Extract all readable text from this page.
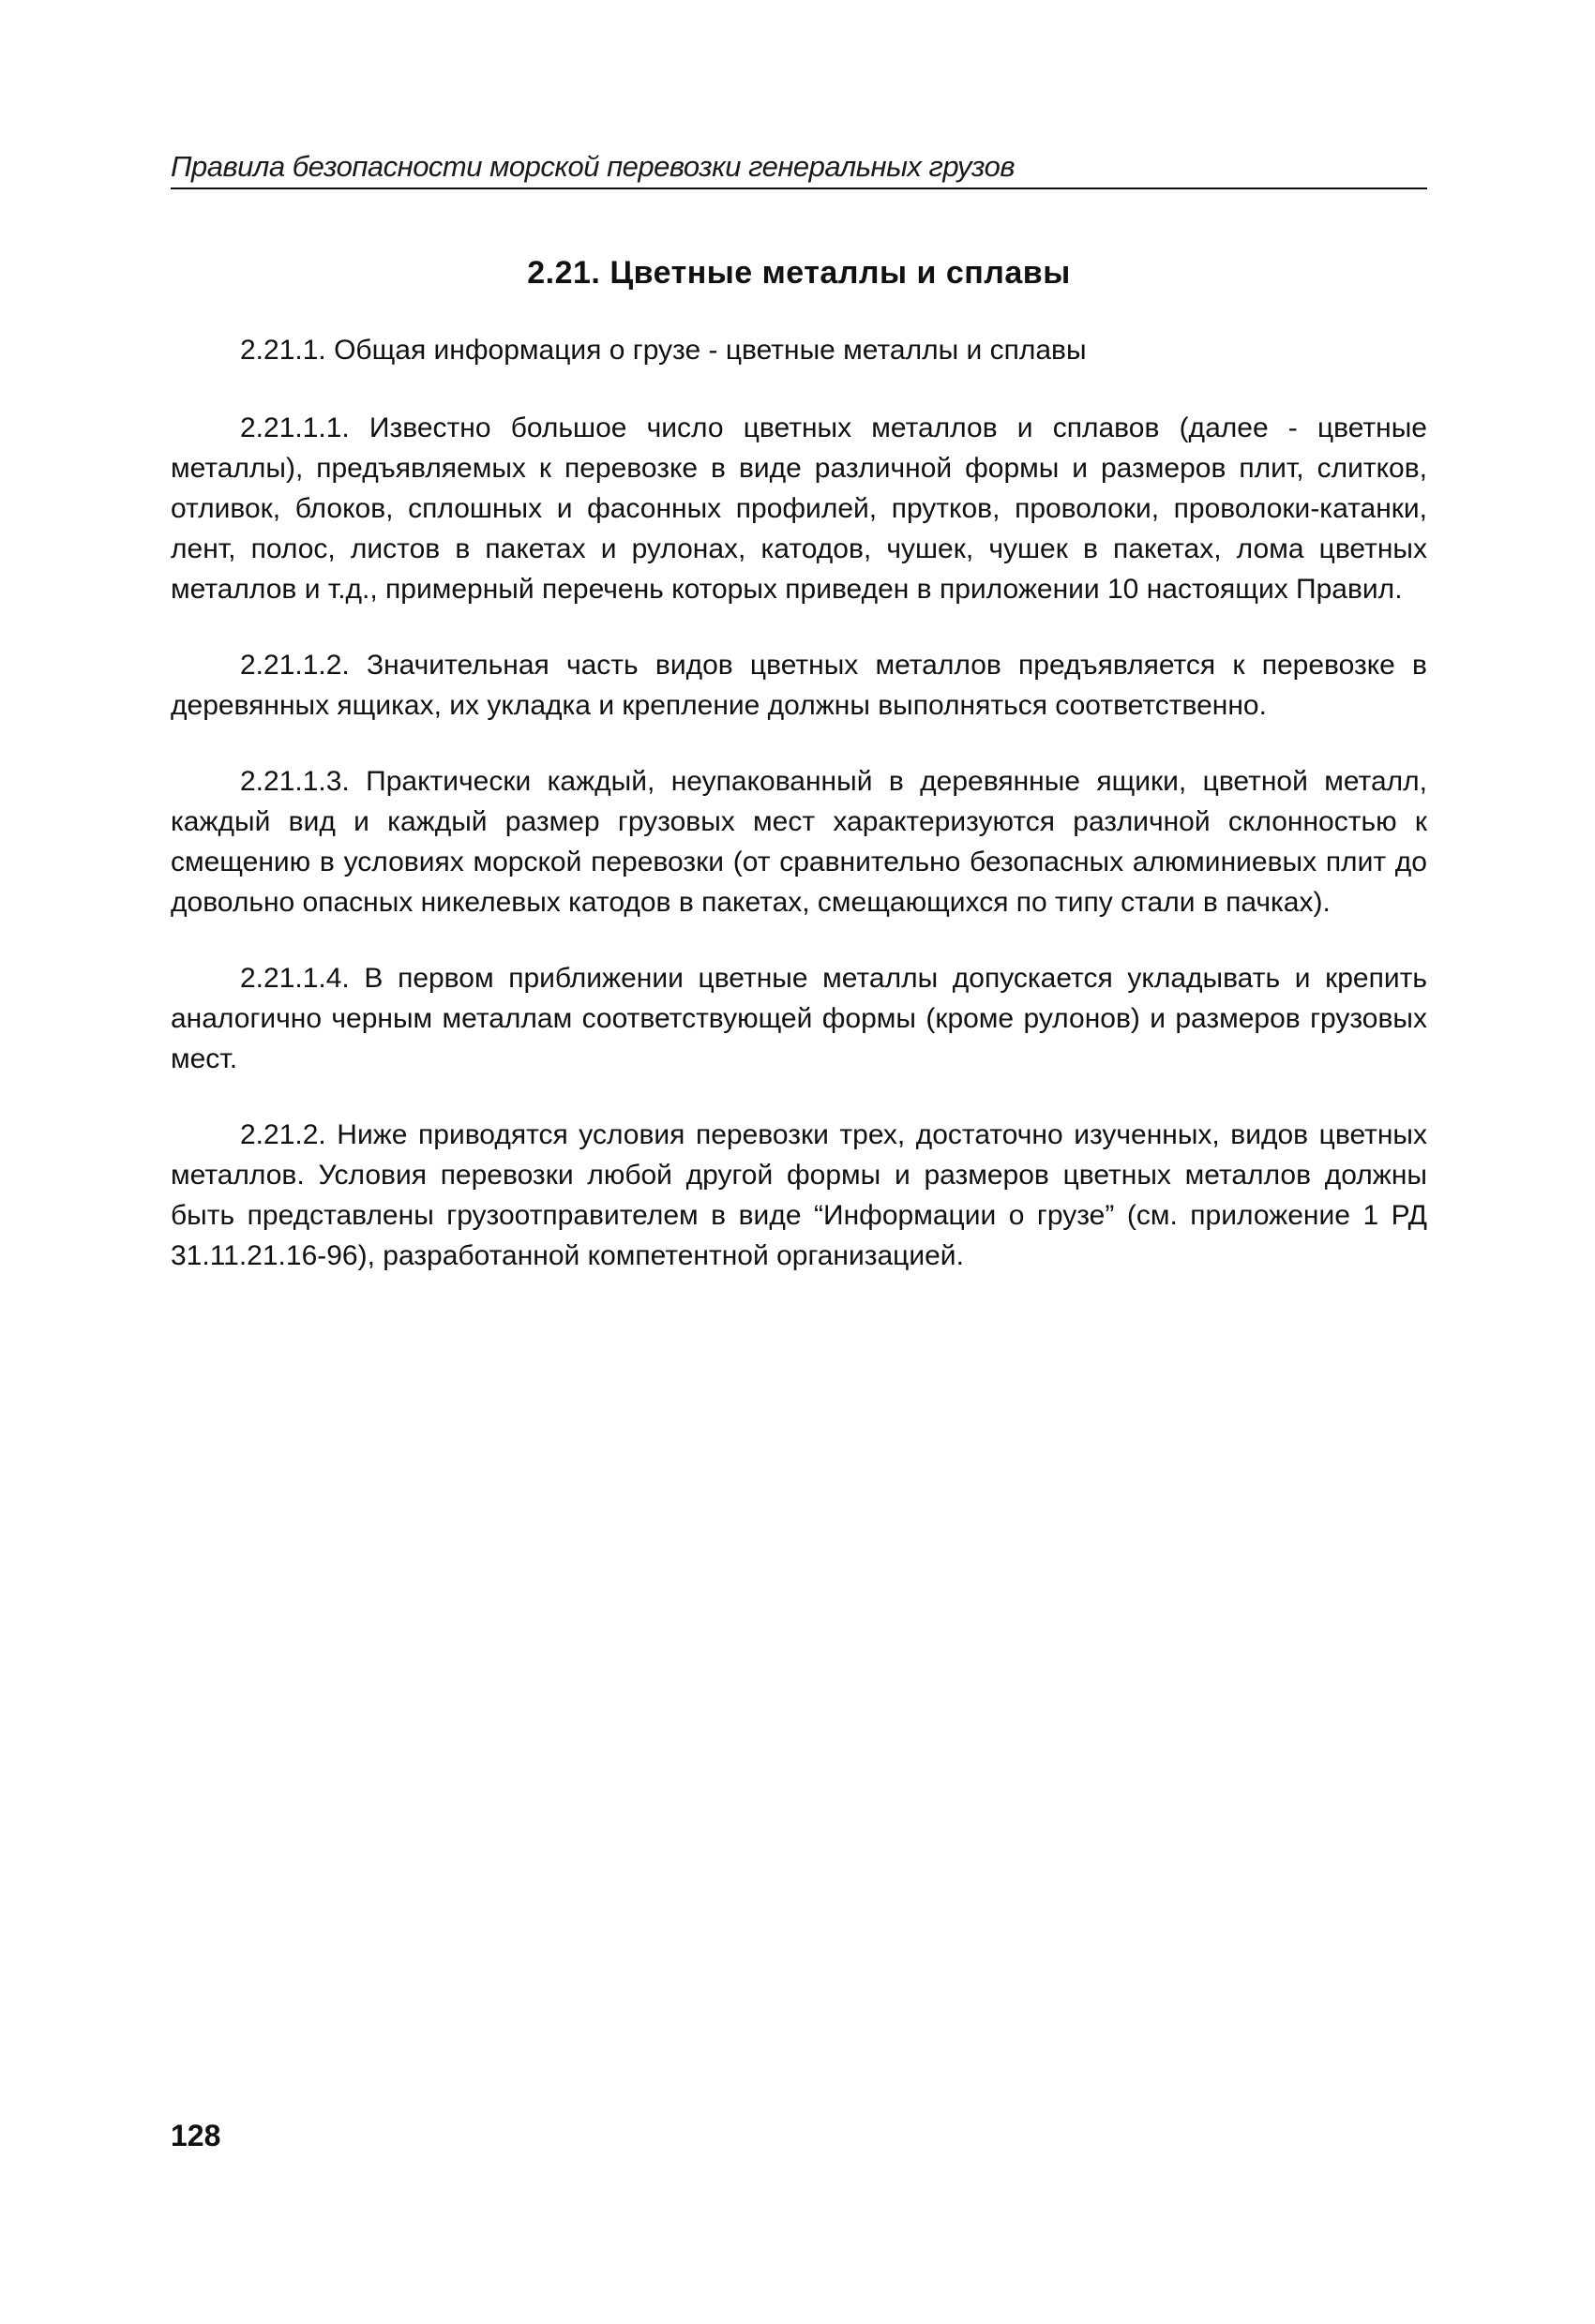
Правила безопасности морской перевозки генеральных грузов
2.21. Цветные металлы и сплавы

2.21.1. Общая информация о грузе - цветные металлы и сплавы

2.21.1.1. Известно большое число цветных металлов и сплавов (далее - цветные металлы), предъявляемых к перевозке в виде различной формы и размеров плит, слитков, отливок, блоков, сплошных и фасонных профилей, прутков, проволоки, проволоки-катанки, лент, полос, листов в пакетах и рулонах, катодов, чушек, чушек в пакетах, лома цветных металлов и т.д., примерный перечень которых приведен в приложении 10 настоящих Правил.

2.21.1.2. Значительная часть видов цветных металлов предъявляется к перевозке в деревянных ящиках, их укладка и крепление должны выполняться соответственно.

2.21.1.3. Практически каждый, неупакованный в деревянные ящики, цветной металл, каждый вид и каждый размер грузовых мест характеризуются различной склонностью к смещению в условиях морской перевозки (от сравнительно безопасных алюминиевых плит до довольно опасных никелевых катодов в пакетах, смещающихся по типу стали в пачках).

2.21.1.4. В первом приближении цветные металлы допускается укладывать и крепить аналогично черным металлам соответствующей формы (кроме рулонов) и размеров грузовых мест.

2.21.2. Ниже приводятся условия перевозки трех, достаточно изученных, видов цветных металлов. Условия перевозки любой другой формы и размеров цветных металлов должны быть представлены грузоотправителем в виде “Информации о грузе” (см. приложение 1 РД 31.11.21.16-96), разработанной компетентной организацией.

128
